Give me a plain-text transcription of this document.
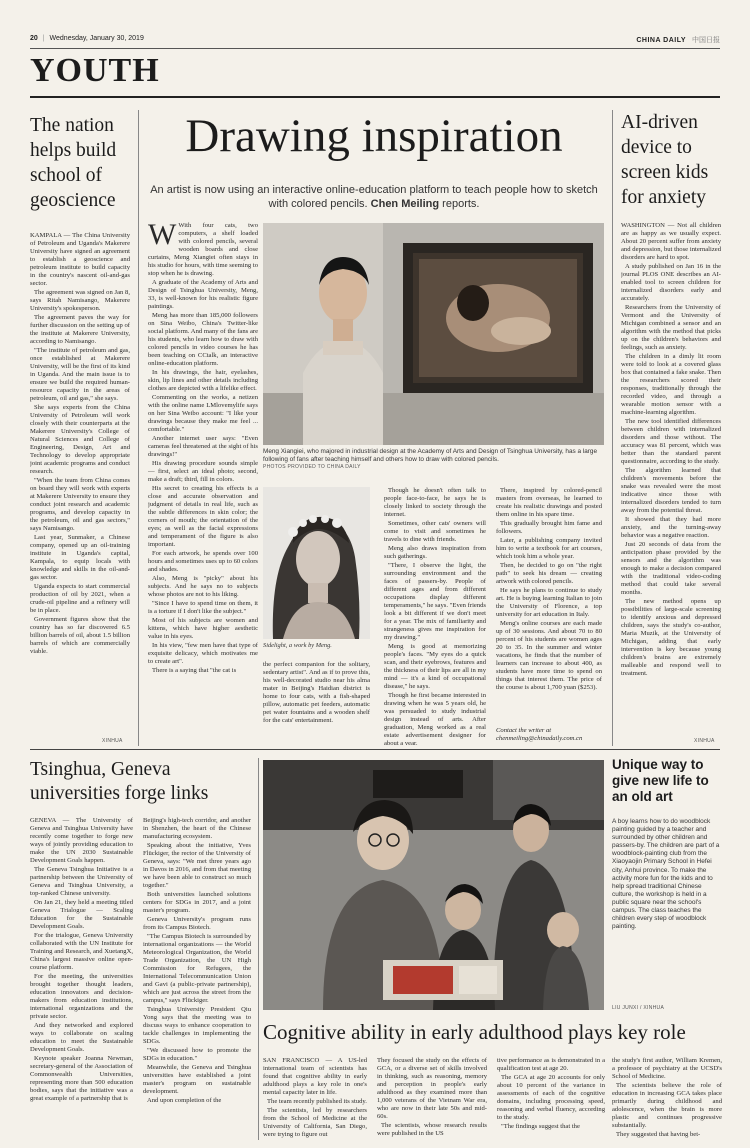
20 | Wednesday, January 30, 2019	CHINA DAILY 中国日报
YOUTH
The nation helps build school of geoscience

KAMPALA — The China University of Petroleum and Uganda's Makerere University have signed an agreement to establish a geoscience and petroleum institute to build capacity in the country's nascent oil-and-gas sector.

The agreement was signed on Jan 8, says Ritah Namisango, Makerere University's spokesperson.

The agreement paves the way for further discussion on the setting up of the institute at Makerere University, according to Namisango.

"The institute of petroleum and gas, once established at Makerere University, will be the first of its kind in Uganda. And the main issue is to ensure we build the required human-resource capacity in the areas of petroleum, oil and gas," she says.

She says experts from the China University of Petroleum will work closely with their counterparts at the Makerere University's College of Natural Sciences and College of Engineering, Design, Art and Technology to develop appropriate joint academic programs and conduct research.

"When the team from China comes on board they will work with experts at Makerere University to ensure they conduct joint research and academic programs, and develop capacity in the petroleum, oil and gas sectors," says Namisango.

Last year, Sunmaker, a Chinese company, opened up an oil-training institute in Uganda's capital, Kampala, to equip locals with knowledge and skills in the oil-and-gas sector.

Uganda expects to start commercial production of oil by 2021, when a crude-oil pipeline and a refinery will be in place.

Government figures show that the country has so far discovered 6.5 billion barrels of oil, about 1.5 billion barrels of which are commercially viable.

XINHUA
Drawing inspiration
An artist is now using an interactive online-education platform to teach people how to sketch with colored pencils. Chen Meiling reports.

W With four cats, two computers, a shelf loaded with colored pencils, several wooden boards and close curtains, Meng Xiangiei often stays in his studio for hours, with time seeming to stop when he is drawing.

A graduate of the Academy of Arts and Design of Tsinghua University, Meng, 33, is well-known for his realistic figure paintings.

Meng has more than 185,000 followers on Sina Weibo, China's Twitter-like social platform. And many of the fans are his students, who learn how to draw with colored pencils in video courses he has been teaching on CCtalk, an interactive online-education platform.

In his drawings, the hair, eyelashes, skin, lip lines and other details including clothes are depicted with a lifelike effect.

Commenting on the works, a netizen with the online name LMlovemylife says on her Sina Weibo account: "I like your drawings because they make me feel ... comfortable."

Another internet user says: "Even cameras feel threatened at the sight of his drawings!"

His drawing procedure sounds simple — first, select an ideal photo; second, make a draft; third, fill in colors.

His secret to creating his effects is a close and accurate observation and judgment of details in real life, such as the subtle differences in skin color; the corners of mouth; the orientation of the eyes; as well as the facial expressions and temperament of the figure is also important.

For each artwork, he spends over 100 hours and sometimes uses up to 60 colors and shades.

Also, Meng is "picky" about his subjects. And he says no to subjects whose photos are not to his liking.

"Since I have to spend time on them, it is a torture if I don't like the subject."

Most of his subjects are women and kittens, which have higher aesthetic value in his eyes.

In his view, "few men have that type of exquisite delicacy, which motivates me to create art".

There is a saying that "the cat is

Meng Xiangiei, who majored in industrial design at the Academy of Arts and Design of Tsinghua University, has a large following of fans after teaching himself and others how to draw with colored pencils.
PHOTOS PROVIDED TO CHINA DAILY
Sidelight, a work by Meng.

the perfect companion for the solitary, sedentary artist". And as if to prove this, his well-decorated studio near his alma mater in Beijing's Haidian district is home to four cats, with a fish-shaped pillow, automatic pet feeders, automatic pet water fountains and a wooden shelf for the cats' entertainment.

Though he doesn't often talk to people face-to-face, he says he is closely linked to society through the internet.

Sometimes, other cats' owners will come to visit and sometimes he travels to dine with friends.

Meng also draws inspiration from such gatherings.

"There, I observe the light, the surrounding environment and the faces of passers-by. People of different ages and from different occupations display different temperaments," he says. "Even friends look a bit different if we don't meet for a year. The mix of familiarity and strangeness gives me inspiration for my drawing."

Meng is good at memorizing people's faces. "My eyes do a quick scan, and their eyebrows, features and the thickness of their lips are all in my mind — it's a kind of occupational disease," he says.

Though he first became interested in drawing when he was 5 years old, he was persuaded to study industrial design instead of arts. After graduation, Meng worked as a real estate advertisement designer for about a year.

There, inspired by colored-pencil masters from overseas, he learned to create his realistic drawings and posted them online in his spare time.

This gradually brought him fame and followers.

Later, a publishing company invited him to write a textbook for art courses, which took him a whole year.

Then, he decided to go on "the right path" to seek his dream — creating artwork with colored pencils.

He says he plans to continue to study art. He is buying learning Italian to join the University of Florence, a top university for art education in Italy.

Meng's online courses are each made up of 30 sessions. And about 70 to 80 percent of his students are women ages 20 to 35. In the summer and winter vacations, he finds that the number of learners can increase to about 400, as students have more time to spend on things that interest them. The price of the course is about 1,700 yuan ($253).

Contact the writer at chenmeiling@chinadaily.com.cn
AI-driven device to screen kids for anxiety

WASHINGTON — Not all children are as happy as we usually expect. About 20 percent suffer from anxiety and depression, but those internalized disorders are hard to spot.

A study published on Jan 16 in the journal PLOS ONE describes an AI-enabled tool to screen children for internalized disorders early and accurately.

Researchers from the University of Vermont and the University of Michigan combined a sensor and an algorithm with the method that picks up on the children's behaviors and feelings, such as anxiety.

The children in a dimly lit room were told to look at a covered glass box that contained a fake snake. Then the researchers scored their responses, traditionally through the recorded video, and through a wearable motion sensor with a machine-learning algorithm.

The new tool identified differences between children with internalized disorders and those without. The accuracy was 81 percent, which was better than the standard parent questionnaire, according to the study.

The algorithm learned that children's movements before the snake was revealed were the most indicative since those with internalized disorders tended to turn away from the potential threat.

It showed that they had more anxiety, and the turning-away behavior was a negative reaction.

Just 20 seconds of data from the anticipation phase provided by the sensors and the algorithm was enough to make a decision compared with the traditional video-coding method that could take several months.

The new method opens up possibilities of large-scale screening to identify anxious and depressed children, says the study's co-author, Maria Muzik, at the University of Michigan, adding that early intervention is key because young children's brains are extremely malleable and respond well to treatment.

XINHUA
Tsinghua, Geneva universities forge links

GENEVA — The University of Geneva and Tsinghua University have recently come together to forge new ways of jointly providing education to make the UN 2030 Sustainable Development Goals happen.

The Geneva Tsinghua Initiative is a partnership between the University of Geneva and Tsinghua University, a top-ranked Chinese university.

On Jan 21, they held a meeting titled Geneva Trialogue — Scaling Education for the Sustainable Development Goals.

For the trialogue, Geneva University collaborated with the UN Institute for Training and Research, and XuetangX, China's largest massive online open-course platform.

For the meeting, the universities brought together thought leaders, education innovators and decision-makers from education institutions, international organizations and the private sector.

And they networked and explored ways to collaborate on scaling education to meet the Sustainable Development Goals.

Keynote speaker Joanna Newman, secretary-general of the Association of Commonwealth Universities, representing more than 500 education bodies, says that the initiative was a great example of a partnership that is

Beijing's high-tech corridor, and another in Shenzhen, the heart of the Chinese manufacturing ecosystem.

Speaking about the initiative, Yves Flückiger, the rector of the University of Geneva, says: "We met three years ago in Davos in 2016, and from that meeting we have been able to construct so much together."

Both universities launched solutions centers for SDGs in 2017, and a joint master's program.

Geneva University's program runs from its Campus Biotech.

"The Campus Biotech is surrounded by international organizations — the World Meteorological Organization, the World Trade Organization, the UN High Commission for Refugees, the International Telecommunication Union and Gavi (a public-private partnership), which are just across the street from the campus," says Flückiger.

Tsinghua University President Qiu Yong says that the meeting was to discuss ways to enhance cooperation to tackle challenges in implementing the SDGs.

"We discussed how to promote the SDGs in education."

Meanwhile, the Geneva and Tsinghua universities have established a joint master's program on sustainable development.

And upon completion of the

Unique way to give new life to an old art
A boy learns how to do woodblock painting guided by a teacher and surrounded by other children and passers-by. The children are part of a woodblock-painting club from the Xiaoyaojin Primary School in Hefei city, Anhui province. To make the activity more fun for the kids and to help spread traditional Chinese culture, the workshop is held in a public square near the school's campus. The class teaches the children every step of woodblock painting.
LIU JUNXI / XINHUA
Cognitive ability in early adulthood plays key role

SAN FRANCISCO — A US-led international team of scientists has found that cognitive ability in early adulthood plays a key role in one's mental capacity later in life.

The team recently published its study.

The scientists, led by researchers from the School of Medicine at the University of California, San Diego, were trying to figure out

They focused the study on the effects of GCA, or a diverse set of skills involved in thinking, such as reasoning, memory and perception in people's early adulthood as they examined more than 1,000 veterans of the Vietnam War era, who are now in their late 50s and mid-60s.

The scientists, whose research results were published in the US

tive performance as is demonstrated in a qualification test at age 20.

The GCA at age 20 accounts for only about 10 percent of the variance in assessments of each of the cognitive domains, including processing speed, reasoning and verbal fluency, according to the study.

"The findings suggest that the

the study's first author, William Kremen, a professor of psychiatry at the UCSD's School of Medicine.

The scientists believe the role of education in increasing GCA takes place primarily during childhood and adolescence, when the brain is more plastic and continues progressive substantially.

They suggested that having bet-
